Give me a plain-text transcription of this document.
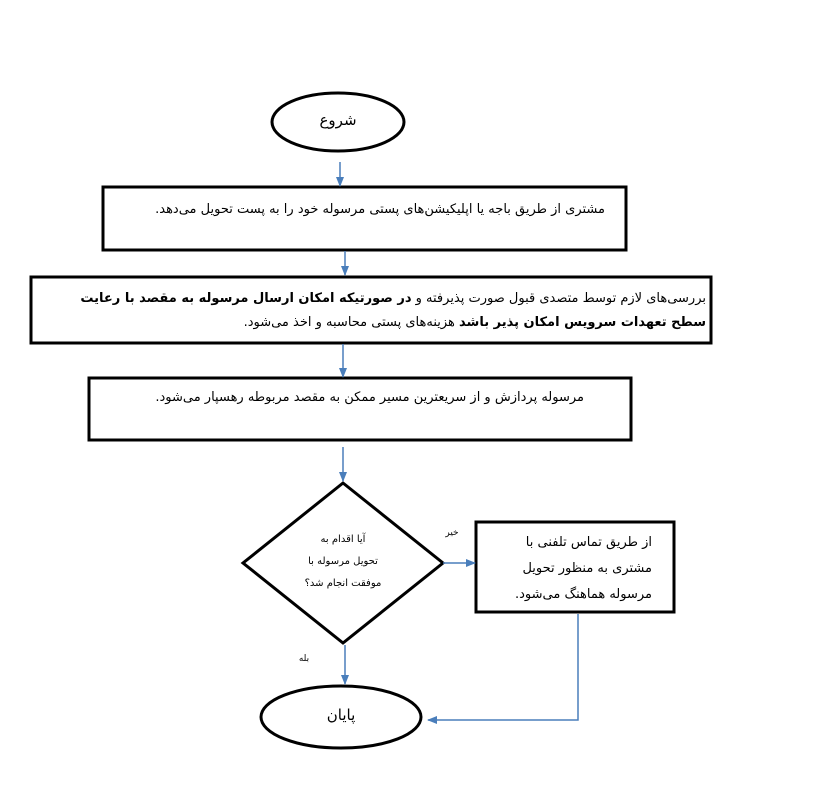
شروع
مشتری از طریق باجه یا اپلیکیشن‌های پستی مرسوله خود را به پست تحویل می‌دهد.
بررسی‌های لازم توسط متصدی قبول صورت پذیرفته و در صورتیکه امکان ارسال مرسوله به مقصد با رعایت سطح تعهدات سرویس امکان پذیر باشد هزینه‌های پستی محاسبه و اخذ می‌شود.
مرسوله پردازش و از سریعترین مسیر ممکن به مقصد مربوطه رهسپار می‌شود.
آیا اقدام به
تحویل مرسوله با
موفقت انجام شد؟
از طریق تماس تلفنی با مشتری به منظور تحویل مرسوله هماهنگ می‌شود.
پایان
خیر
بله
